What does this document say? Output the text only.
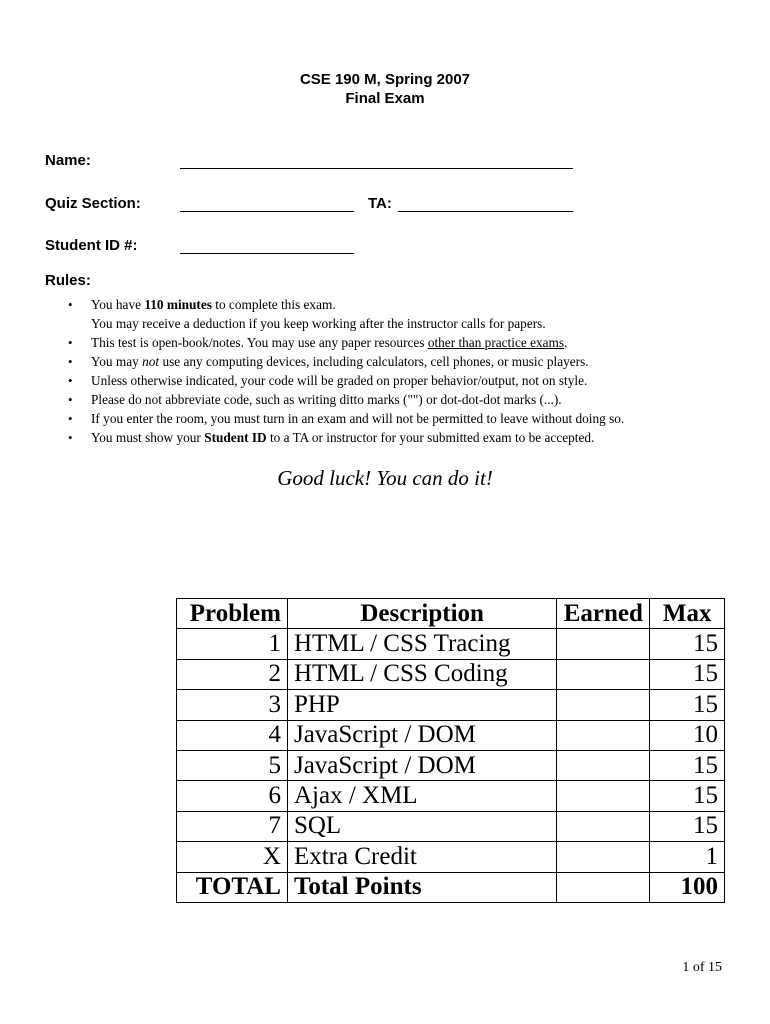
CSE 190 M, Spring 2007
Final Exam
Name:
Quiz Section:	TA:
Student ID #:
Rules:
• You have 110 minutes to complete this exam.
You may receive a deduction if you keep working after the instructor calls for papers.
• This test is open-book/notes. You may use any paper resources other than practice exams.
• You may not use any computing devices, including calculators, cell phones, or music players.
• Unless otherwise indicated, your code will be graded on proper behavior/output, not on style.
• Please do not abbreviate code, such as writing ditto marks ("") or dot-dot-dot marks (...).
• If you enter the room, you must turn in an exam and will not be permitted to leave without doing so.
• You must show your Student ID to a TA or instructor for your submitted exam to be accepted.
Good luck! You can do it!
Problem	Description	Earned	Max
1	HTML / CSS Tracing		15
2	HTML / CSS Coding		15
3	PHP		15
4	JavaScript / DOM		10
5	JavaScript / DOM		15
6	Ajax / XML		15
7	SQL		15
X	Extra Credit		1
TOTAL	Total Points		100
1 of 15
